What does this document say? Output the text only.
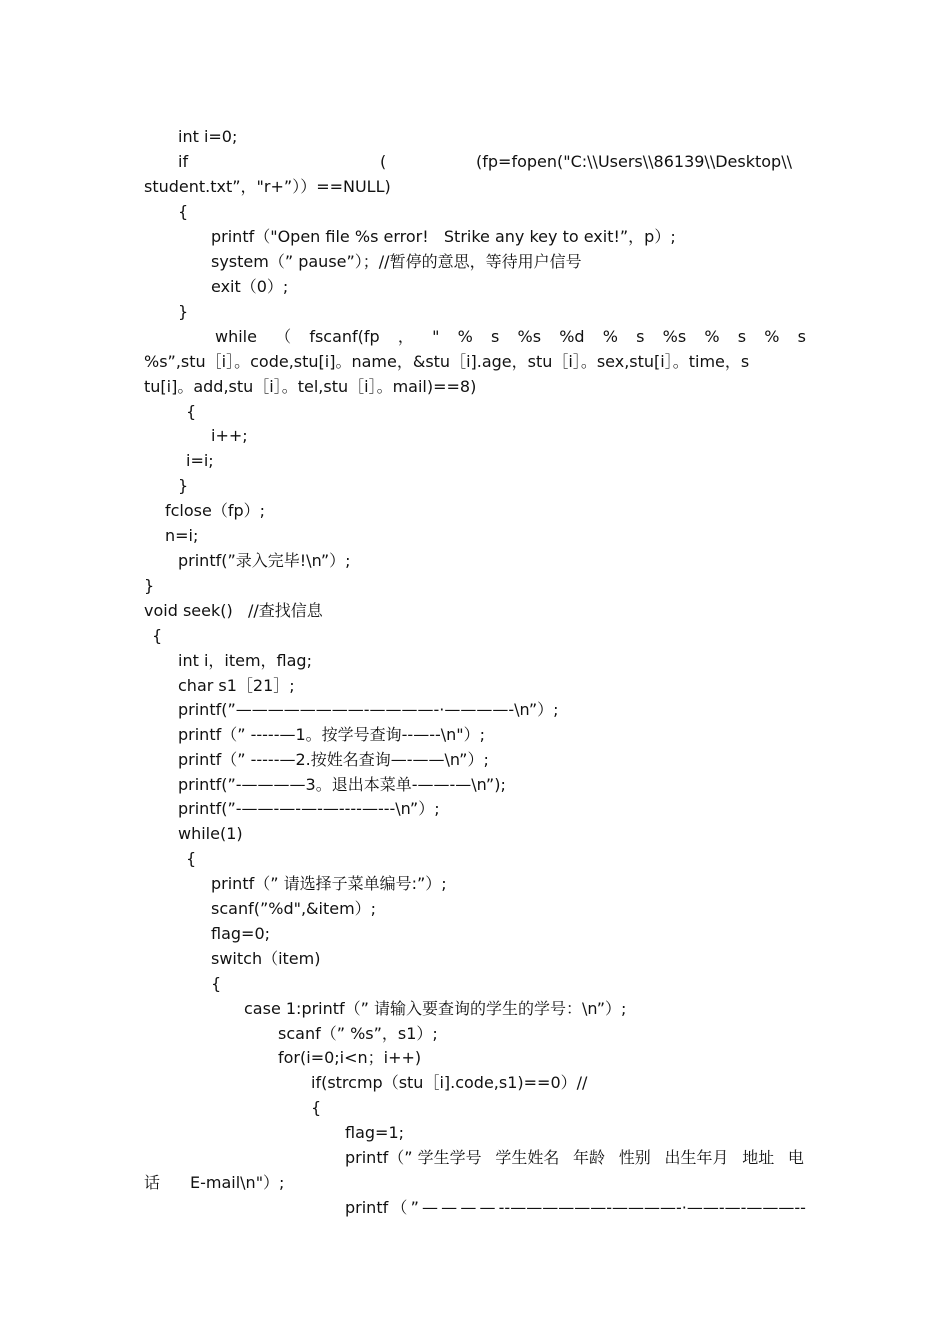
int i=0;
if	(	(fp=fopen("C:\\Users\\86139\\Desktop\\
student.txt”，"r+”））==NULL)
{
printf（"Open file %s error!   Strike any key to exit!”，p）;
system（” pause”）；//暂停的意思，等待用户信号
exit（0）;
}
while （ fscanf(fp ， " % s %s %d % s %s % s % s
%s”,stu［i］。code,stu[i]。name，&stu［i].age，stu［i］。sex,stu[i］。time，s
tu[i]。add,stu［i］。tel,stu［i］。mail)==8)
{
i++;
i=i;
}
fclose（fp）;
n=i;
printf(”录入完毕!\n”）;
}
void seek()   //查找信息
{
int i，item，flag;
char s1［21］;
printf(”————————-————-·————-\n”）;
printf（” -----—1。按学号查询--—--\n"）;
printf（” -----—2.按姓名查询—-——\n”）;
printf(”-————3。退出本菜单-——-—\n”);
printf(”-——-—-—-—----—---\n”）;
while(1)
{
printf（” 请选择子菜单编号:”）;
scanf(”%d",&item）;
flag=0;
switch（item)
{
case 1:printf（” 请输入要查询的学生的学号：\n”）;
scanf（” %s”，s1）;
for(i=0;i<n；i++)
if(strcmp（stu［i].code,s1)==0）//
{
flag=1;
printf（” 学生学号 学生姓名 年龄 性别 出生年月 地址 电
话 E-mail\n"）;
printf （ ” — — — — --——————-————-·——-—-———--
